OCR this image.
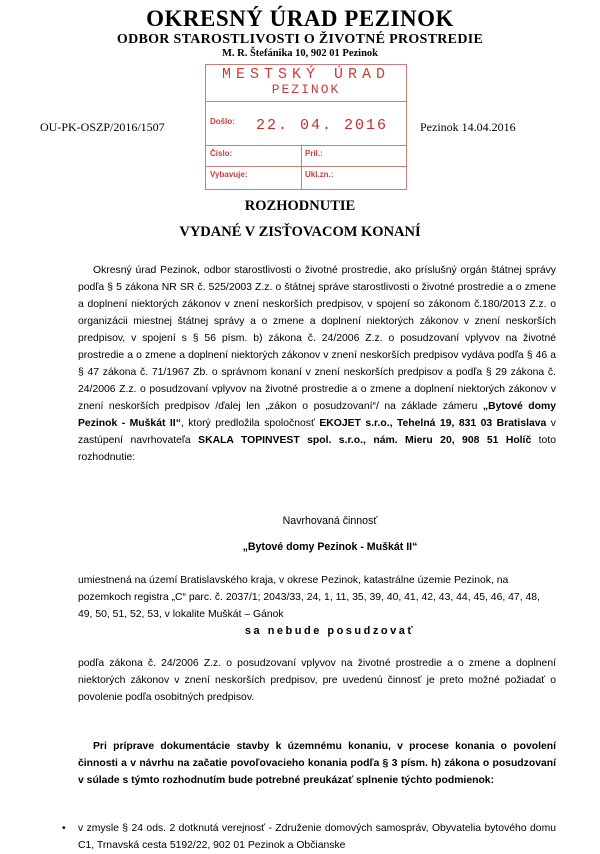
OKRESNÝ ÚRAD PEZINOK
ODBOR STAROSTLIVOSTI O ŽIVOTNÉ PROSTREDIE
M. R. Štefánika 10, 902 01 Pezinok
MESTSKÝ ÚRAD
PEZINOK
Došlo: 22. 04. 2016
Číslo:	Pril.:
Vybavuje:	Ukl.zn.:
OU-PK-OSZP/2016/1507	Pezinok 14.04.2016
ROZHODNUTIE
VYDANÉ V ZISŤOVACOM KONANÍ
Okresný úrad Pezinok, odbor starostlivosti o životné prostredie, ako príslušný orgán štátnej správy podľa § 5 zákona NR SR č. 525/2003 Z.z. o štátnej správe starostlivosti o životné prostredie a o zmene a doplnení niektorých zákonov v znení neskorších predpisov, v spojení so zákonom č.180/2013 Z.z. o organizácii miestnej štátnej správy a o zmene a doplnení niektorých zákonov v znení neskorších predpisov, v spojení s § 56 písm. b) zákona č. 24/2006 Z.z. o posudzovaní vplyvov na životné prostredie a o zmene a doplnení niektorých zákonov v znení neskorších predpisov vydáva podľa § 46 a § 47 zákona č. 71/1967 Zb. o správnom konaní v znení neskorších predpisov a podľa § 29 zákona č. 24/2006 Z.z. o posudzovaní vplyvov na životné prostredie a o zmene a doplnení niektorých zákonov v znení neskorších predpisov /ďalej len „zákon o posudzovaní“/ na základe zámeru „Bytové domy Pezinok - Muškát II“, ktorý predložila spoločnosť EKOJET s.r.o., Tehelná 19, 831 03 Bratislava v zastúpení navrhovateľa SKALA TOPINVEST spol. s.r.o., nám. Mieru 20, 908 51 Holíč toto rozhodnutie:
Navrhovaná činnosť
„Bytové domy Pezinok - Muškát II“
umiestnená na území Bratislavského kraja, v okrese Pezinok, katastrálne územie Pezinok, na pozemkoch registra „C“ parc. č. 2037/1; 2043/33, 24, 1, 11, 35, 39, 40, 41, 42, 43, 44, 45, 46, 47, 48, 49, 50, 51, 52, 53, v lokalite Muškát – Gánok
sa nebude posudzovať
podľa zákona č. 24/2006 Z.z. o posudzovaní vplyvov na životné prostredie a o zmene a doplnení niektorých zákonov v znení neskorších predpisov, pre uvedenú činnosť je preto možné požiadať o povolenie podľa osobitných predpisov.
Pri príprave dokumentácie stavby k územnému konaniu, v procese konania o povolení činnosti a v návrhu na začatie povoľovacieho konania podľa § 3 písm. h) zákona o posudzovaní v súlade s týmto rozhodnutím bude potrebné preukázať splnenie týchto podmienok:
•	v zmysle § 24 ods. 2 dotknutá verejnosť - Združenie domových samospráv, Obyvatelia bytového domu C1, Trnavská cesta 5192/22, 902 01 Pezinok a Občianske
